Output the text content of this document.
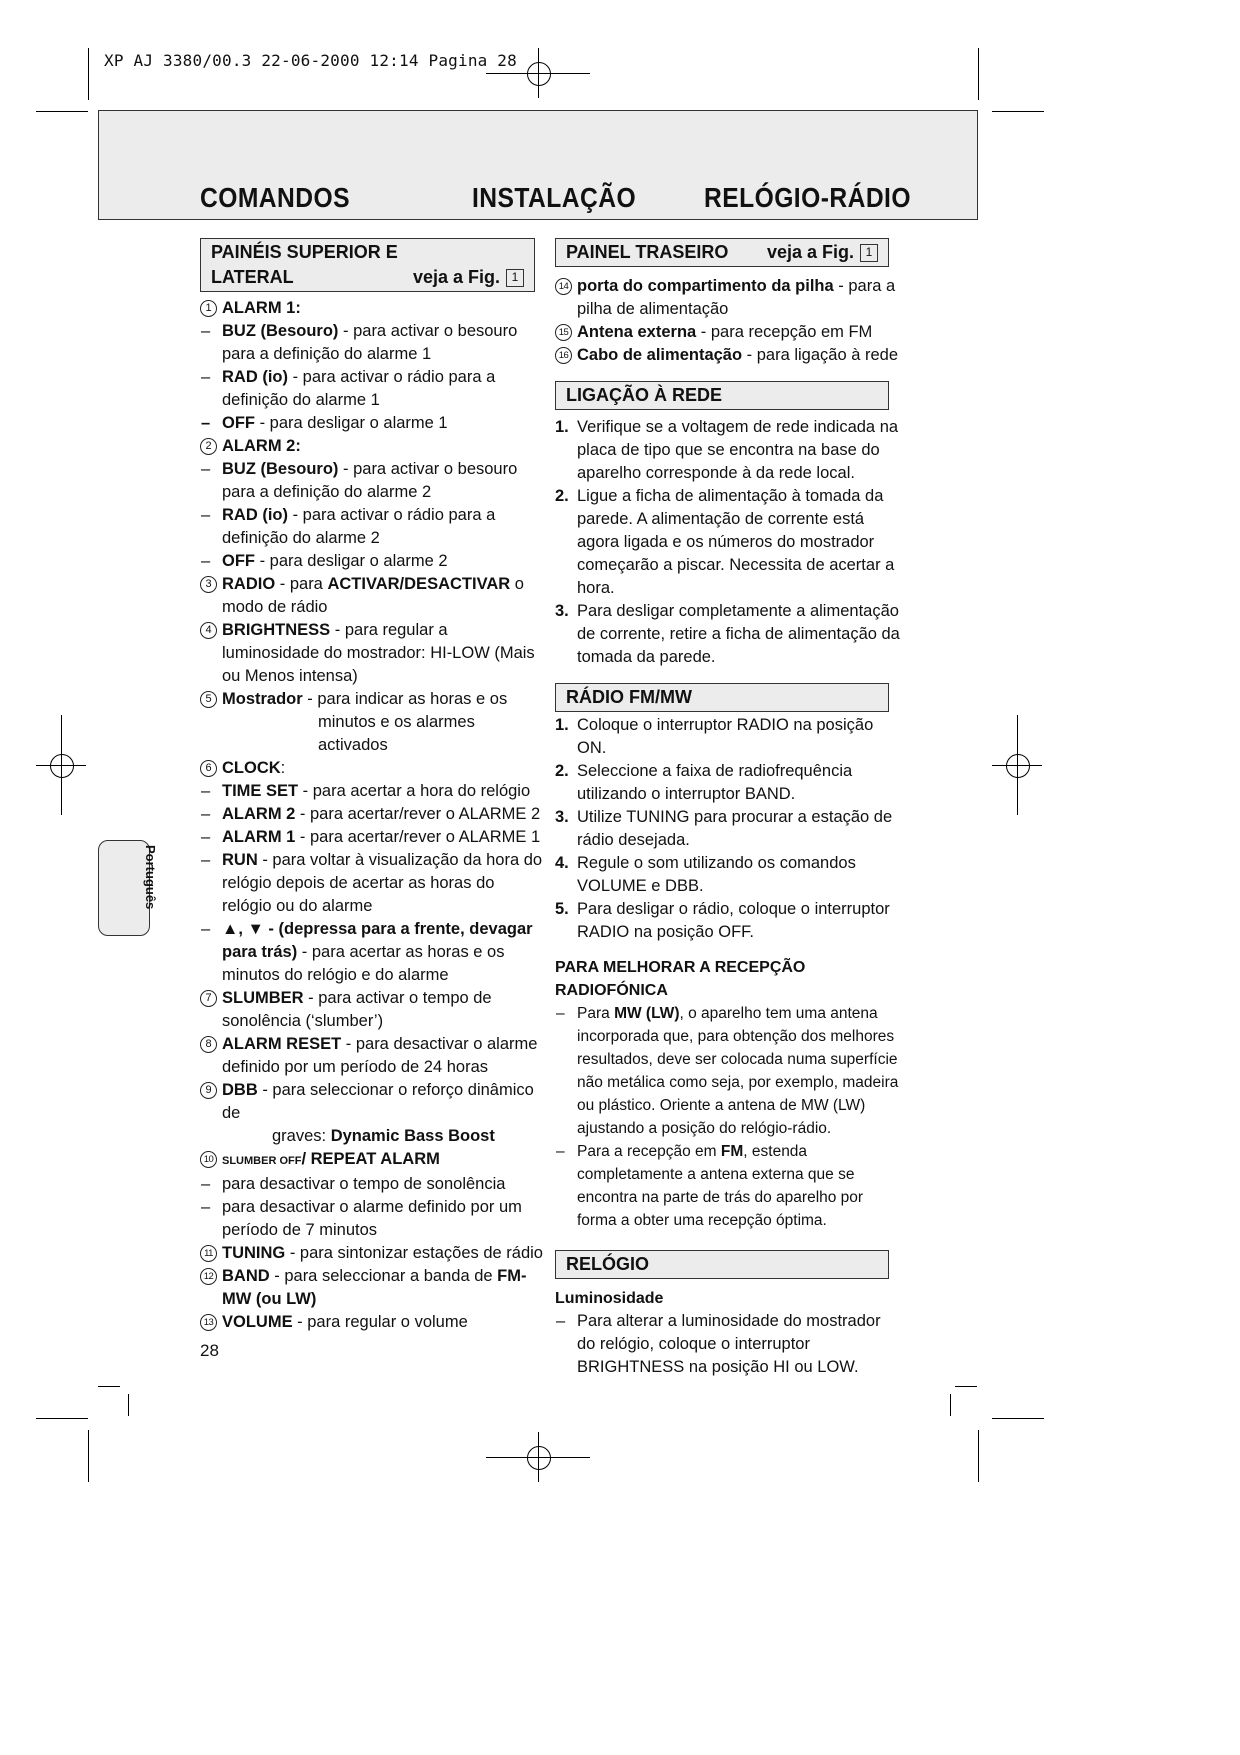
XP AJ 3380/00.3 22-06-2000 12:14 Pagina 28
COMANDOS	INSTALAÇÃO RELÓGIO-RÁDIO
Português
PAINÉIS SUPERIOR E
LATERAL	veja a Fig. 1
1 ALARM 1:
– BUZ (Besouro) - para activar o besouro para a definição do alarme 1
– RAD (io) - para activar o rádio para a definição do alarme 1
– OFF - para desligar o alarme 1
2 ALARM 2:
– BUZ (Besouro) - para activar o besouro para a definição do alarme 2
– RAD (io) - para activar o rádio para a definição do alarme 2
– OFF - para desligar o alarme 2
3 RADIO - para ACTIVAR/DESACTIVAR o modo de rádio
4 BRIGHTNESS - para regular a luminosidade do mostrador: HI-LOW (Mais ou Menos intensa)
5 Mostrador - para indicar as horas e os
minutos e os alarmes activados
6 CLOCK:
– TIME SET - para acertar a hora do relógio
– ALARM 2 - para acertar/rever o ALARME 2
– ALARM 1 - para acertar/rever o ALARME 1
– RUN - para voltar à visualização da hora do relógio depois de acertar as horas do relógio ou do alarme
– ▲, ▼ - (depressa para a frente, devagar para trás) - para acertar as horas e os minutos do relógio e do alarme
7 SLUMBER - para activar o tempo de sonolência (‘slumber’)
8 ALARM RESET - para desactivar o alarme definido por um período de 24 horas
9 DBB - para seleccionar o reforço dinâmico de
graves: Dynamic Bass Boost
10 SLUMBER OFF/ REPEAT ALARM
– para desactivar o tempo de sonolência
– para desactivar o alarme definido por um período de 7 minutos
11 TUNING - para sintonizar estações de rádio
12 BAND - para seleccionar a banda de FM-MW (ou LW)
13 VOLUME - para regular o volume
28
PAINEL TRASEIRO veja a Fig. 1
14 porta do compartimento da pilha - para a pilha de alimentação
15 Antena externa - para recepção em FM
16 Cabo de alimentação - para ligação à rede
LIGAÇÃO À REDE
1. Verifique se a voltagem de rede indicada na placa de tipo que se encontra na base do aparelho corresponde à da rede local.
2. Ligue a ficha de alimentação à tomada da parede. A alimentação de corrente está agora ligada e os números do mostrador começarão a piscar. Necessita de acertar a hora.
3. Para desligar completamente a alimentação de corrente, retire a ficha de alimentação da tomada da parede.
RÁDIO FM/MW
1. Coloque o interruptor RADIO na posição ON.
2. Seleccione a faixa de radiofrequência utilizando o interruptor BAND.
3. Utilize TUNING para procurar a estação de rádio desejada.
4. Regule o som utilizando os comandos VOLUME e DBB.
5. Para desligar o rádio, coloque o interruptor RADIO na posição OFF.
PARA MELHORAR A RECEPÇÃO RADIOFÓNICA
– Para MW (LW), o aparelho tem uma antena incorporada que, para obtenção dos melhores resultados, deve ser colocada numa superfície não metálica como seja, por exemplo, madeira ou plástico. Oriente a antena de MW (LW) ajustando a posição do relógio-rádio.
– Para a recepção em FM, estenda completamente a antena externa que se encontra na parte de trás do aparelho por forma a obter uma recepção óptima.
RELÓGIO
Luminosidade
– Para alterar a luminosidade do mostrador do relógio, coloque o interruptor BRIGHTNESS na posição HI ou LOW.
